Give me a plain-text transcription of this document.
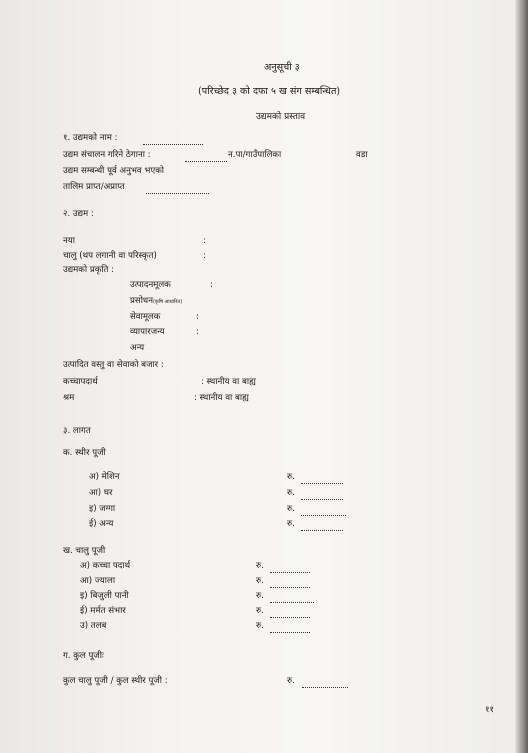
अनुसूची ३
(परिच्छेद ३ को दफा ५ ख संग सम्बन्धित)
उद्यमको प्रस्ताव
१. उद्यमको नाम :
उद्यम संचालन गरिने ठेगाना :	न.पा/गाउँपालिका	वडा
उद्यम सम्बन्धी पूर्व अनुभव भएको
तालिम प्राप्त/अप्राप्त
२. उद्यम :
नया	:
चालु (थप लगानी वा परिस्कृत)	:
उद्यमको प्रकृति :
उत्पादनमूलक	:
प्रसोधन(कृषि आधारित)
सेवामूलक	:
व्यापारजन्य	:
अन्य
उत्पादित वस्तु वा सेवाको बजार :
कच्चापदार्थ	: स्थानीय वा बाह्य
श्रम	: स्थानीय वा बाह्य
३. लागत
क. स्थीर पूजी
अ) मेशिन	रु.
आ) घर	रु.
इ) जग्गा	रु.
ई) अन्य	रु.
ख. चालु पूजी
अ) कच्चा पदार्थ	रु.
आ) ज्याला	रु.
इ) बिजुली पानी	रु.
ई) मर्मत संभार	रु.
उ) तलब	रु.
ग. कुल पूजीः
कुल चालु पूजी / कुल स्थीर पूजी :	रु.
११
